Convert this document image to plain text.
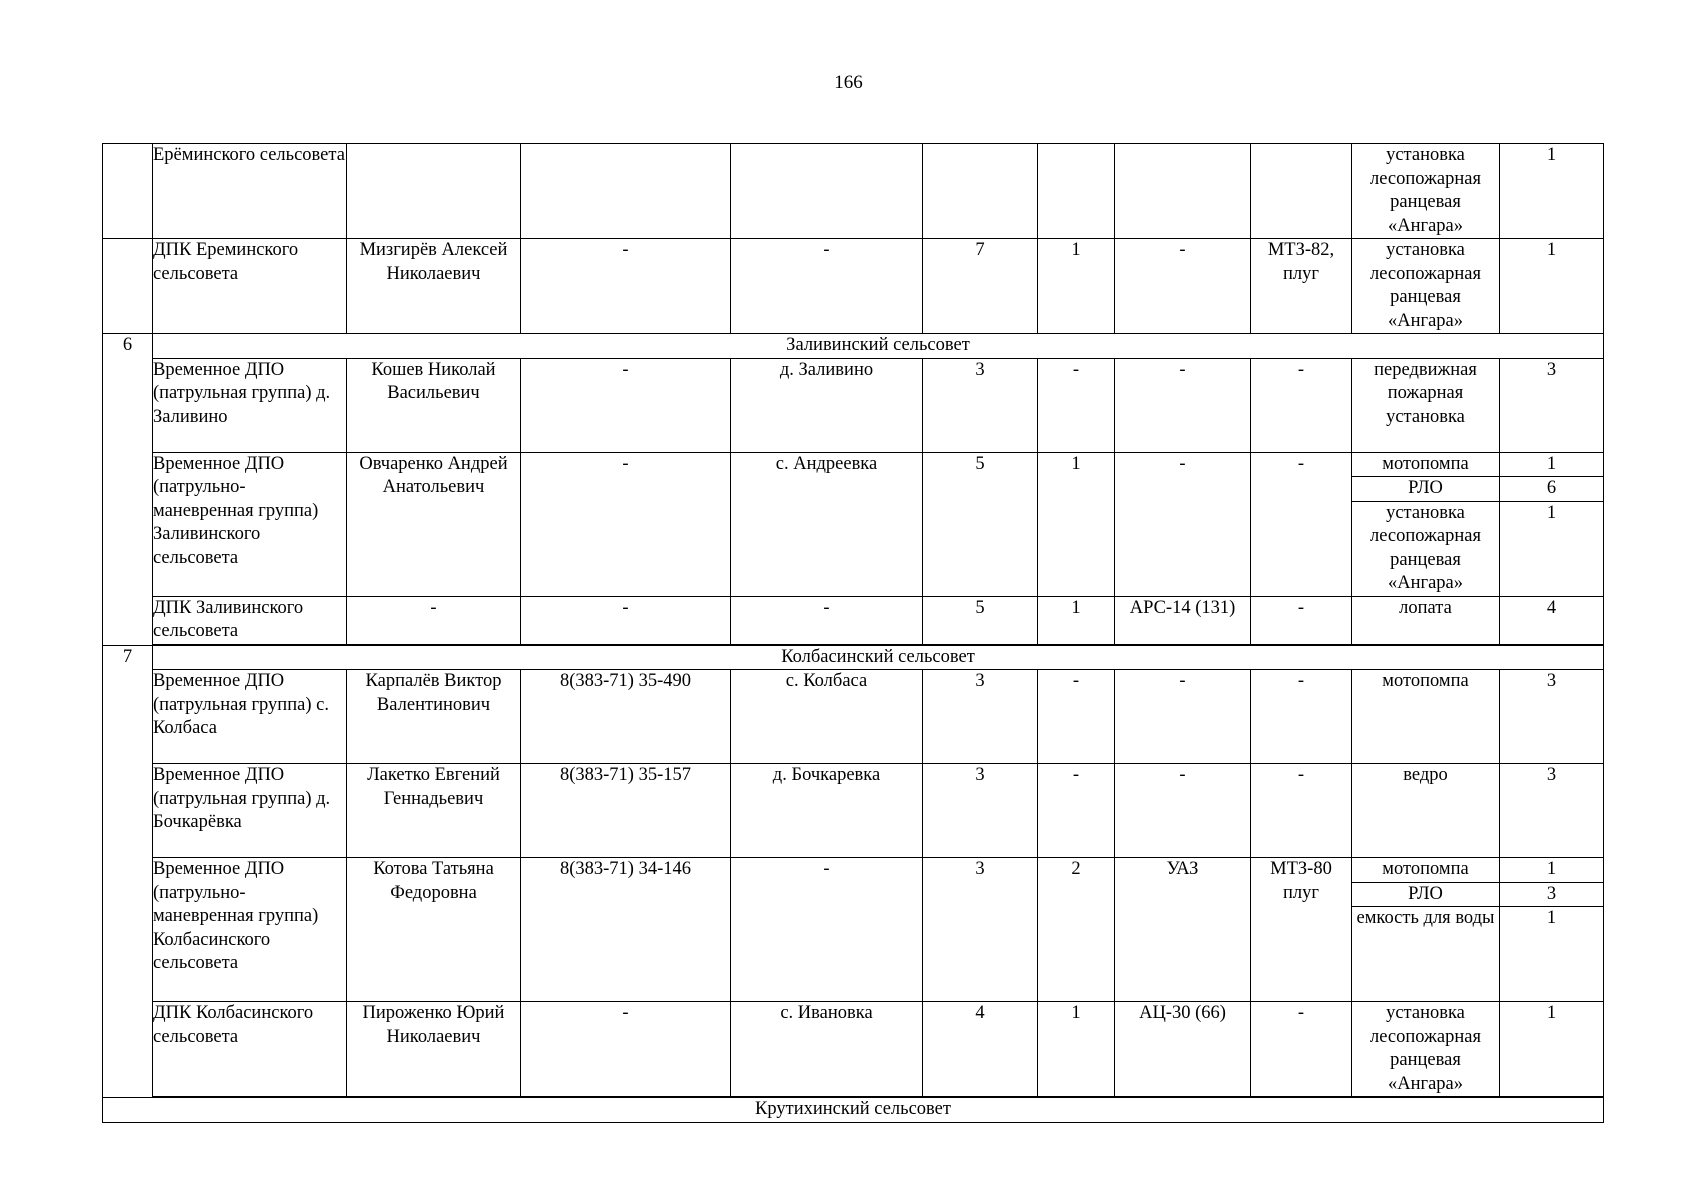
166
	Ерёминского сельсовета								установка лесопожарная ранцевая «Ангара»	1
	ДПК Ереминского сельсовета	Мизгирёв Алексей Николаевич	-	-	7	1	-	МТЗ-82, плуг	установка лесопожарная ранцевая «Ангара»	1
6	Заливинский сельсовет									
	Временное ДПО (патрульная группа) д. Заливино	Кошев Николай Васильевич	-	д. Заливино	3	-	-	-	передвижная пожарная установка	3
	Временное ДПО (патрульно-маневренная группа) Заливинского сельсовета	Овчаренко Андрей Анатольевич	-	с. Андреевка	5	1	-	-	мотопомпа	1
									РЛО	6
									установка лесопожарная ранцевая «Ангара»	1
	ДПК Заливинского сельсовета	-	-	-	5	1	АРС-14 (131)	-	лопата	4

7	Колбасинский сельсовет									
	Временное ДПО (патрульная группа) с. Колбаса	Карпалёв Виктор Валентинович	8(383-71) 35-490	с. Колбаса	3	-	-	-	мотопомпа	3
	Временное ДПО (патрульная группа) д. Бочкарёвка	Лакетко Евгений Геннадьевич	8(383-71) 35-157	д. Бочкаревка	3	-	-	-	ведро	3
	Временное ДПО (патрульно-маневренная группа) Колбасинского сельсовета	Котова Татьяна Федоровна	8(383-71) 34-146	-	3	2	УАЗ	МТЗ-80 плуг	мотопомпа	1
									РЛО	3
									емкость для воды	1
	ДПК Колбасинского сельсовета	Пироженко Юрий Николаевич	-	с. Ивановка	4	1	АЦ-30 (66)	-	установка лесопожарная ранцевая «Ангара»	1

Крутихинский сельсовет										
